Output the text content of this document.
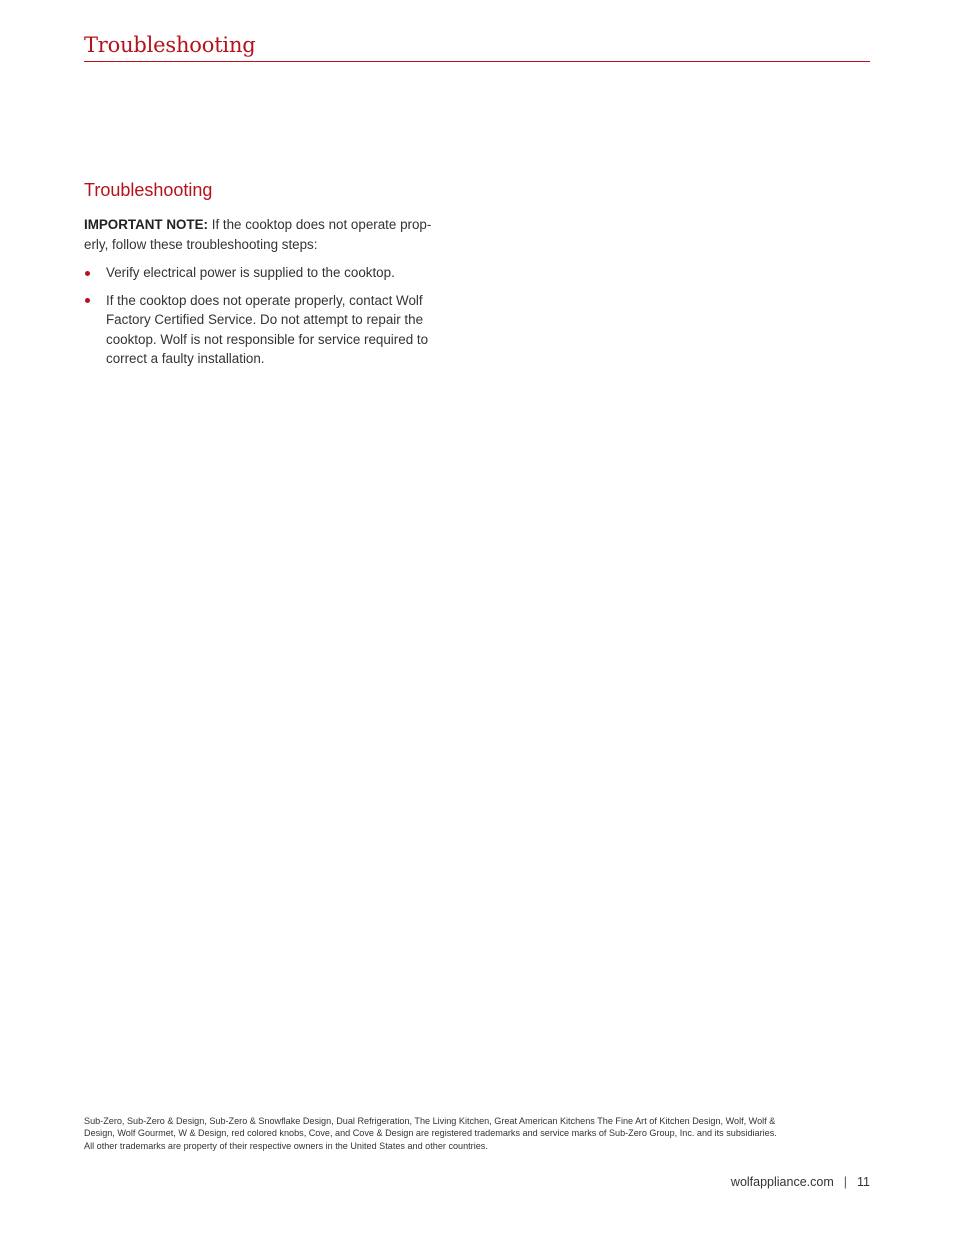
Troubleshooting
Troubleshooting

IMPORTANT NOTE: If the cooktop does not operate prop-
erly, follow these troubleshooting steps:

Verify electrical power is supplied to the cooktop.
If the cooktop does not operate properly, contact Wolf
Factory Certified Service. Do not attempt to repair the
cooktop. Wolf is not responsible for service required to
correct a faulty installation.
Sub-Zero, Sub-Zero & Design, Sub-Zero & Snowflake Design, Dual Refrigeration, The Living Kitchen, Great American Kitchens The Fine Art of Kitchen Design, Wolf, Wolf &
Design, Wolf Gourmet, W & Design, red colored knobs, Cove, and Cove & Design are registered trademarks and service marks of Sub-Zero Group, Inc. and its subsidiaries.
All other trademarks are property of their respective owners in the United States and other countries.
wolfappliance.com | 11
